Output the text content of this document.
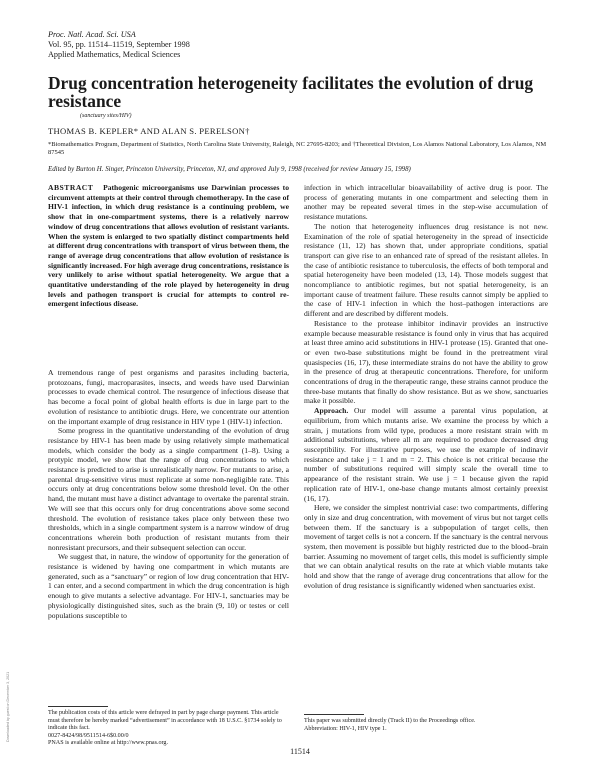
Proc. Natl. Acad. Sci. USA
Vol. 95, pp. 11514–11519, September 1998
Applied Mathematics, Medical Sciences
Drug concentration heterogeneity facilitates the evolution of drug resistance
(sanctuary sites/HIV)
THOMAS B. KEPLER* AND ALAN S. PERELSON†
*Biomathematics Program, Department of Statistics, North Carolina State University, Raleigh, NC 27695-8203; and †Theoretical Division, Los Alamos National Laboratory, Los Alamos, NM 87545
Edited by Burton H. Singer, Princeton University, Princeton, NJ, and approved July 9, 1998 (received for review January 15, 1998)
ABSTRACT Pathogenic microorganisms use Darwinian processes to circumvent attempts at their control through chemotherapy. In the case of HIV-1 infection, in which drug resistance is a continuing problem, we show that in one-compartment systems, there is a relatively narrow window of drug concentrations that allows evolution of resistant variants. When the system is enlarged to two spatially distinct compartments held at different drug concentrations with transport of virus between them, the range of average drug concentrations that allow evolution of resistance is significantly increased. For high average drug concentrations, resistance is very unlikely to arise without spatial heterogeneity. We argue that a quantitative understanding of the role played by heterogeneity in drug levels and pathogen transport is crucial for attempts to control re-emergent infectious disease.

A tremendous range of pest organisms and parasites including bacteria, protozoans, fungi, macroparasites, insects, and weeds have used Darwinian processes to evade chemical control. The resurgence of infectious disease that has become a focal point of global health efforts is due in large part to the evolution of resistance to antibiotic drugs. Here, we concentrate our attention on the important example of drug resistance in HIV type 1 (HIV-1) infection.

Some progress in the quantitative understanding of the evolution of drug resistance by HIV-1 has been made by using relatively simple mathematical models, which consider the body as a single compartment (1–8). Using a protypic model, we show that the range of drug concentrations to which resistance is predicted to arise is unrealistically narrow. For mutants to arise, a parental drug-sensitive virus must replicate at some non-negligible rate. This occurs only at drug concentrations below some threshold level. On the other hand, the mutant must have a distinct advantage to overtake the parental strain. We will see that this occurs only for drug concentrations above some second threshold. The evolution of resistance takes place only between these two thresholds, which in a single compartment system is a narrow window of drug concentrations wherein both production of resistant mutants from their nonresistant precursors, and their subsequent selection can occur.

We suggest that, in nature, the window of opportunity for the generation of resistance is widened by having one compartment in which mutants are generated, such as a “sanctuary” or region of low drug concentration that HIV-1 can enter, and a second compartment in which the drug concentration is high enough to give mutants a selective advantage. For HIV-1, sanctuaries may be physiologically distinguished sites, such as the brain (9, 10) or testes or cell populations susceptible to

infection in which intracellular bioavailability of active drug is poor. The process of generating mutants in one compartment and selecting them in another may be repeated several times in the step-wise accumulation of resistance mutations.

The notion that heterogeneity influences drug resistance is not new. Examination of the role of spatial heterogeneity in the spread of insecticide resistance (11, 12) has shown that, under appropriate conditions, spatial transport can give rise to an enhanced rate of spread of the resistant alleles. In the case of antibiotic resistance to tuberculosis, the effects of both temporal and spatial heterogeneity have been modeled (13, 14). Those models suggest that noncompliance to antibiotic regimes, but not spatial heterogeneity, is an important cause of treatment failure. These results cannot simply be applied to the case of HIV-1 infection in which the host–pathogen interactions are different and are described by different models.

Resistance to the protease inhibitor indinavir provides an instructive example because measurable resistance is found only in virus that has acquired at least three amino acid substitutions in HIV-1 protease (15). Granted that one- or even two-base substitutions might be found in the pretreatment viral quasispecies (16, 17), these intermediate strains do not have the ability to grow in the presence of drug at therapeutic concentrations. Therefore, for uniform concentrations of drug in the therapeutic range, these strains cannot produce the three-base mutants that finally do show resistance. But as we show, sanctuaries make it possible.

Approach. Our model will assume a parental virus population, at equilibrium, from which mutants arise. We examine the process by which a strain, j mutations from wild type, produces a more resistant strain with m additional substitutions, where all m are required to produce decreased drug susceptibility. For illustrative purposes, we use the example of indinavir resistance and take j = 1 and m = 2. This choice is not critical because the number of substitutions required will simply scale the overall time to appearance of the resistant strain. We use j = 1 because given the rapid replication rate of HIV-1, one-base change mutants almost certainly preexist (16, 17).

Here, we consider the simplest nontrivial case: two compartments, differing only in size and drug concentration, with movement of virus but not target cells between them. If the sanctuary is a subpopulation of target cells, then movement of target cells is not a concern. If the sanctuary is the central nervous system, then movement is possible but highly restricted due to the blood–brain barrier. Assuming no movement of target cells, this model is sufficiently simple that we can obtain analytical results on the rate at which viable mutants take hold and show that the range of average drug concentrations that allow for the evolution of drug resistance is significantly widened when sanctuaries exist.

The publication costs of this article were defrayed in part by page charge payment. This article must therefore be hereby marked “advertisement” in accordance with 18 U.S.C. §1734 solely to indicate this fact.
0027-8424/98/9511514-6$0.00/0
PNAS is available online at http://www.pnas.org.
This paper was submitted directly (Track II) to the Proceedings office.
Abbreviation: HIV-1, HIV type 1.
11514
Downloaded by guest on December 3, 2021
